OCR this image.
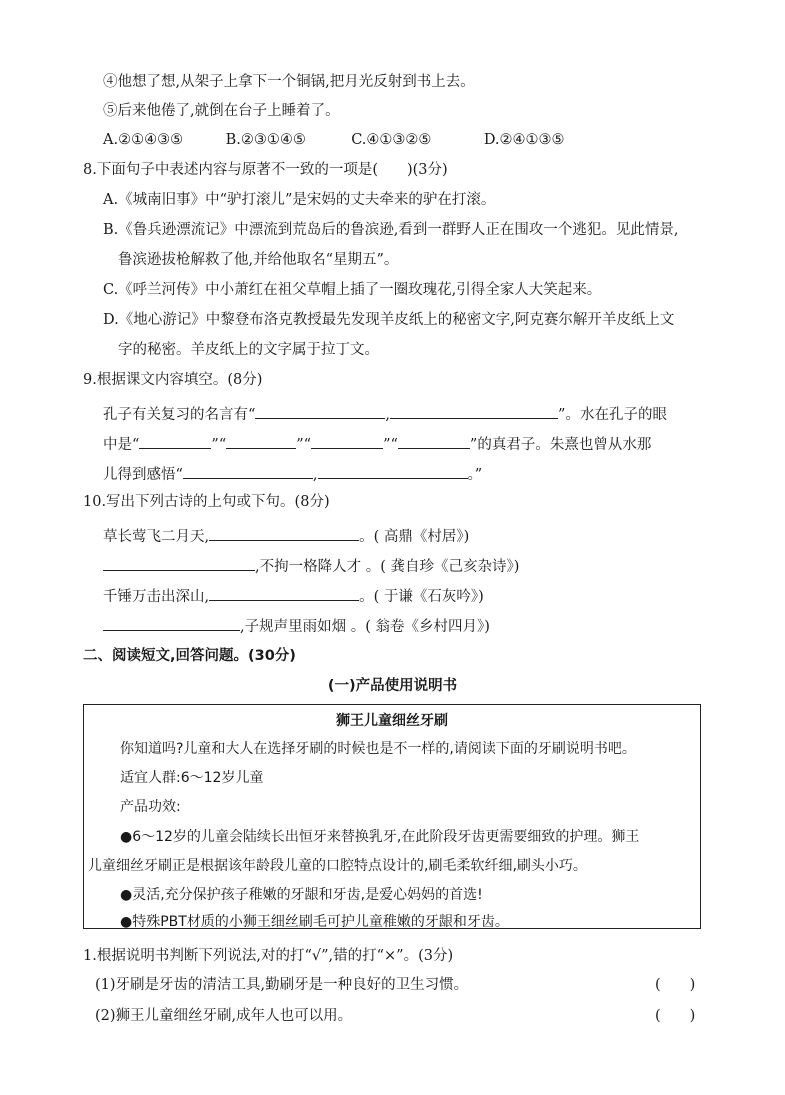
④他想了想,从架子上拿下一个铜锅,把月光反射到书上去。
⑤后来他倦了,就倒在台子上睡着了。
A.②①④③⑤	B.②③①④⑤	C.④①③②⑤	D.②④①③⑤
8.下面句子中表述内容与原著不一致的一项是(　　)(3分)
A.《城南旧事》中“驴打滚儿”是宋妈的丈夫牵来的驴在打滚。
B.《鲁兵逊漂流记》中漂流到荒岛后的鲁滨逊,看到一群野人正在围攻一个逃犯。见此情景,
鲁滨逊拔枪解救了他,并给他取名“星期五”。
C.《呼兰河传》中小萧红在祖父草帽上插了一圈玫瑰花,引得全家人大笑起来。
D.《地心游记》中黎登布洛克教授最先发现羊皮纸上的秘密文字,阿克赛尔解开羊皮纸上文
字的秘密。羊皮纸上的文字属于拉丁文。
9.根据课文内容填空。(8分)
孔子有关复习的名言有“	,	”。水在孔子的眼
中是“	”“	”“	”“	”的真君子。朱熹也曾从水那
儿得到感悟“	,	。”
10.写出下列古诗的上句或下句。(8分)
草长莺飞二月天,	。( 高鼎《村居》)
,不拘一格降人才 。( 龚自珍《己亥杂诗》)
千锤万击出深山,	。( 于谦《石灰吟》)
,子规声里雨如烟 。( 翁卷《乡村四月》)
二、阅读短文,回答问题。(30分)
(一)产品使用说明书
狮王儿童细丝牙刷
你知道吗?儿童和大人在选择牙刷的时候也是不一样的,请阅读下面的牙刷说明书吧。
适宜人群:6～12岁儿童
产品功效:
●6～12岁的儿童会陆续长出恒牙来替换乳牙,在此阶段牙齿更需要细致的护理。狮王
儿童细丝牙刷正是根据该年龄段儿童的口腔特点设计的,刷毛柔软纤细,刷头小巧。
●灵活,充分保护孩子稚嫩的牙龈和牙齿,是爱心妈妈的首选!
●特殊PBT材质的小狮王细丝刷毛可护儿童稚嫩的牙龈和牙齿。
1.根据说明书判断下列说法,对的打“√”,错的打“×”。(3分)
(1)牙刷是牙齿的清洁工具,勤刷牙是一种良好的卫生习惯。	(　　)
(2)狮王儿童细丝牙刷,成年人也可以用。	(　　)
